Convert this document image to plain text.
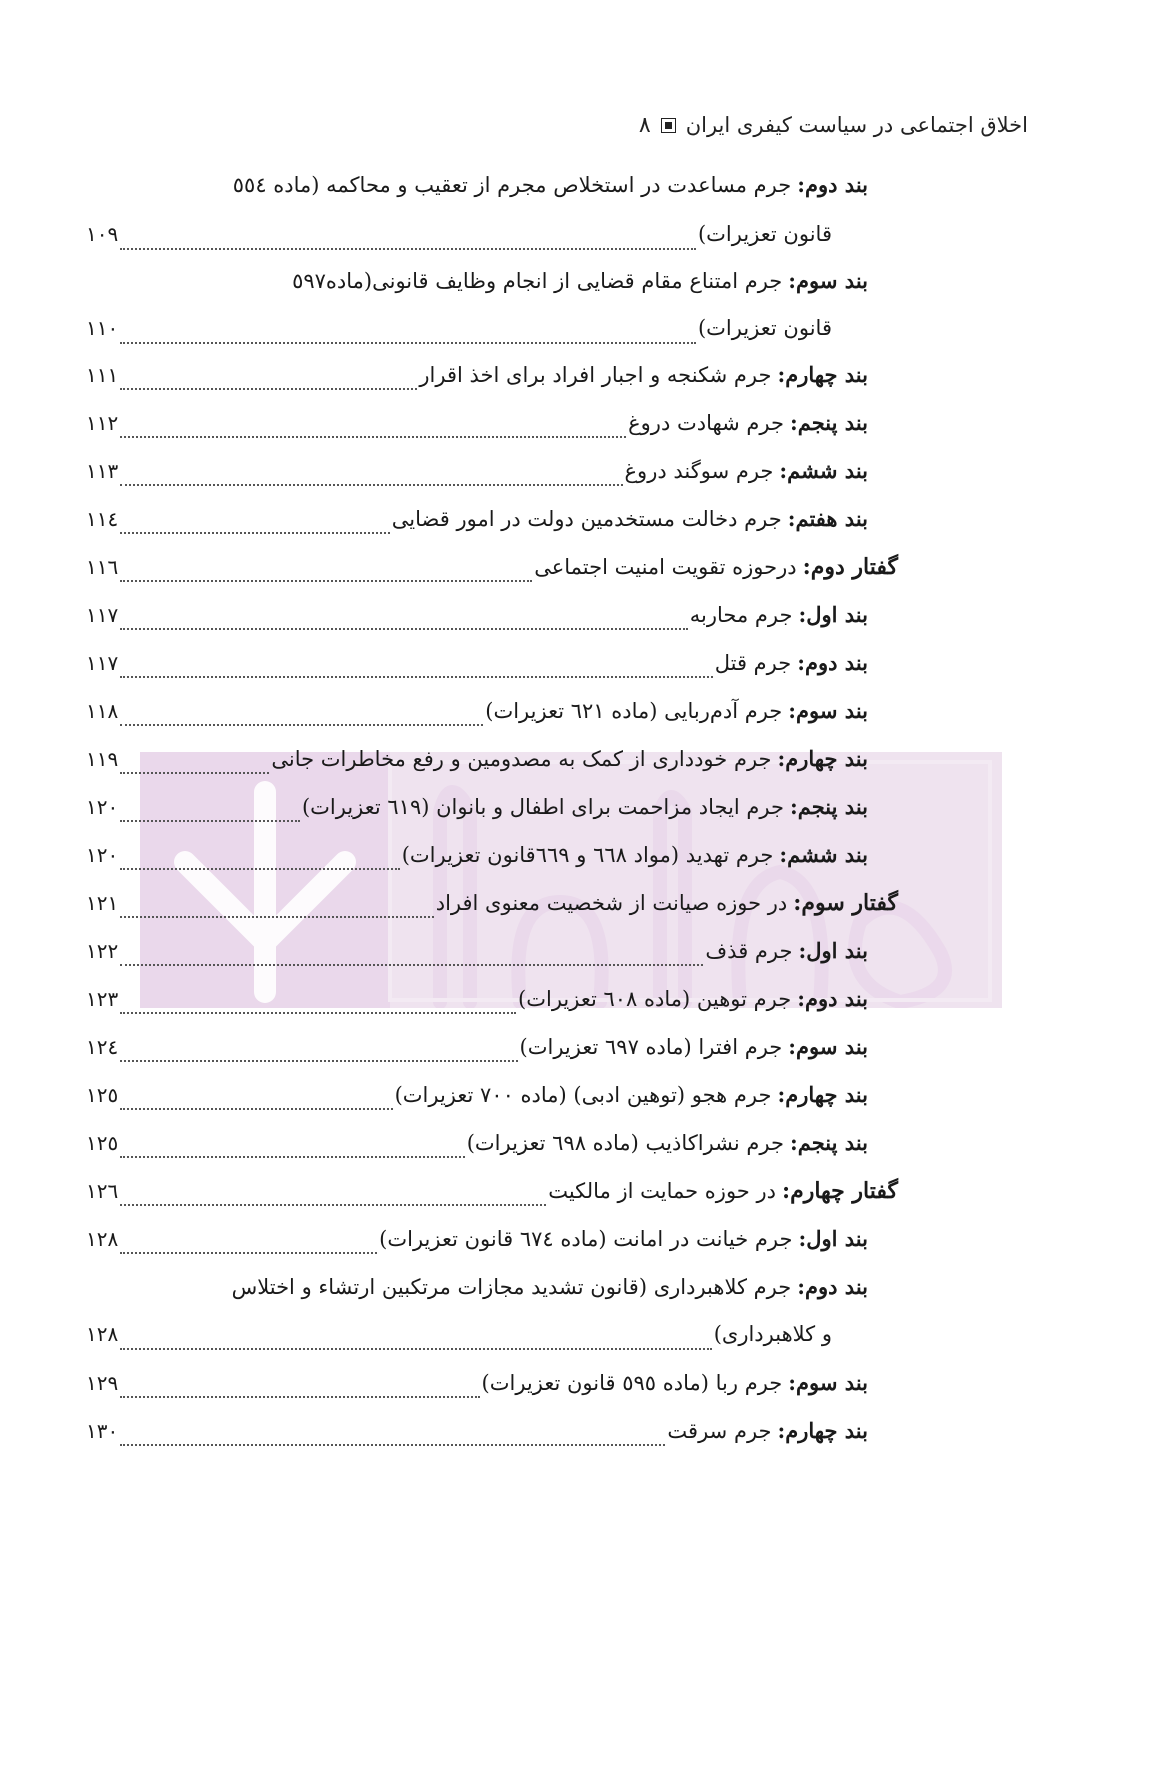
۸ اخلاق اجتماعی در سیاست کیفری ایران
بند دوم:
جرم مساعدت در استخلاص مجرم از تعقیب و محاکمه (ماده ٥٥٤
قانون تعزیرات)
۱۰۹
بند سوم:
جرم امتناع مقام قضایی از انجام وظایف قانونی(ماده٥٩٧
قانون تعزیرات)
۱۱۰
بند چهارم:
جرم شکنجه و اجبار افراد برای اخذ اقرار
۱۱۱
بند پنجم:
جرم شهادت دروغ
۱۱۲
بند ششم:
جرم سوگند دروغ
۱۱۳
بند هفتم:
جرم دخالت مستخدمین دولت در امور قضایی
۱۱٤
گفتار دوم:
درحوزه تقویت امنیت اجتماعی
۱۱٦
بند اول:
جرم محاربه
۱۱۷
بند دوم:
جرم قتل
۱۱۷
بند سوم:
جرم آدم‌ربایی (ماده ٦٢١ تعزیرات)
۱۱۸
بند چهارم:
جرم خودداری از کمک به مصدومین و رفع مخاطرات جانی
۱۱۹
بند پنجم:
جرم ایجاد مزاحمت برای اطفال و بانوان (٦١٩ تعزیرات)
۱۲۰
بند ششم:
جرم تهدید (مواد ٦٦٨ و ٦٦٩قانون تعزیرات)
۱۲۰
گفتار سوم:
در حوزه صیانت از شخصیت معنوی افراد
۱۲۱
بند اول:
جرم قذف
۱۲۲
بند دوم:
جرم توهین (ماده ٦٠٨ تعزیرات)
۱۲۳
بند سوم:
جرم افترا (ماده ٦٩٧ تعزیرات)
۱۲٤
بند چهارم:
جرم هجو (توهین ادبی) (ماده ٧٠٠ تعزیرات)
۱۲٥
بند پنجم:
جرم نشراکاذیب (ماده ٦٩٨ تعزیرات)
۱۲٥
گفتار چهارم:
در حوزه حمایت از مالکیت
۱۲٦
بند اول:
جرم خیانت در امانت (ماده ٦٧٤ قانون تعزیرات)
۱۲۸
بند دوم:
جرم کلاهبرداری (قانون تشدید مجازات مرتکبین ارتشاء و اختلاس
و کلاهبرداری)
۱۲۸
بند سوم:
جرم ربا (ماده ٥٩٥ قانون تعزیرات)
۱۲۹
بند چهارم:
جرم سرقت
۱۳۰
